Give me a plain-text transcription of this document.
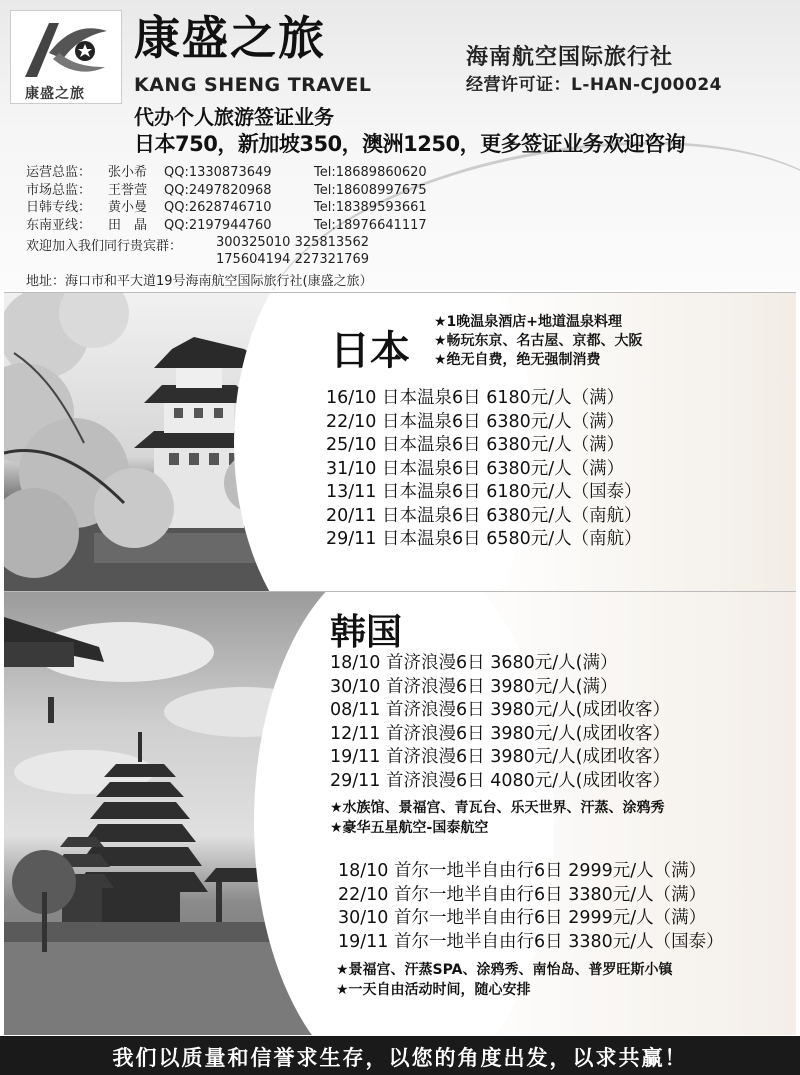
康盛之旅
康盛之旅
KANG SHENG TRAVEL
海南航空国际旅行社
经营许可证：L-HAN-CJ00024
代办个人旅游签证业务
日本750，新加坡350，澳洲1250，更多签证业务欢迎咨询
运营总监： 张小希 QQ:1330873649	Tel:18689860620
市场总监： 王誉萱 QQ:2497820968	Tel:18608997675
日韩专线： 黄小曼 QQ:2628746710	Tel:18389593661
东南亚线： 田　晶 QQ:2197944760	Tel:18976641117
欢迎加入我们同行贵宾群：	300325010 325813562
175604194 227321769
地址：海口市和平大道19号海南航空国际旅行社(康盛之旅）
日本
★1晚温泉酒店+地道温泉料理
★畅玩东京、名古屋、京都、大阪
★绝无自费，绝无强制消费
16/10 日本温泉6日 6180元/人（满）
22/10 日本温泉6日 6380元/人（满）
25/10 日本温泉6日 6380元/人（满）
31/10 日本温泉6日 6380元/人（满）
13/11 日本温泉6日 6180元/人（国泰）
20/11 日本温泉6日 6380元/人（南航）
29/11 日本温泉6日 6580元/人（南航）
韩国
18/10 首济浪漫6日 3680元/人(满）
30/10 首济浪漫6日 3980元/人(满）
08/11 首济浪漫6日 3980元/人(成团收客）
12/11 首济浪漫6日 3980元/人(成团收客）
19/11 首济浪漫6日 3980元/人(成团收客）
29/11 首济浪漫6日 4080元/人(成团收客）
★水族馆、景福宫、青瓦台、乐天世界、汗蒸、涂鸦秀
★豪华五星航空-国泰航空
18/10 首尔一地半自由行6日 2999元/人（满）
22/10 首尔一地半自由行6日 3380元/人（满）
30/10 首尔一地半自由行6日 2999元/人（满）
19/11 首尔一地半自由行6日 3380元/人（国泰）
★景福宫、汗蒸SPA、涂鸦秀、南怡岛、普罗旺斯小镇
★一天自由活动时间，随心安排
我们以质量和信誉求生存，以您的角度出发，以求共赢！
